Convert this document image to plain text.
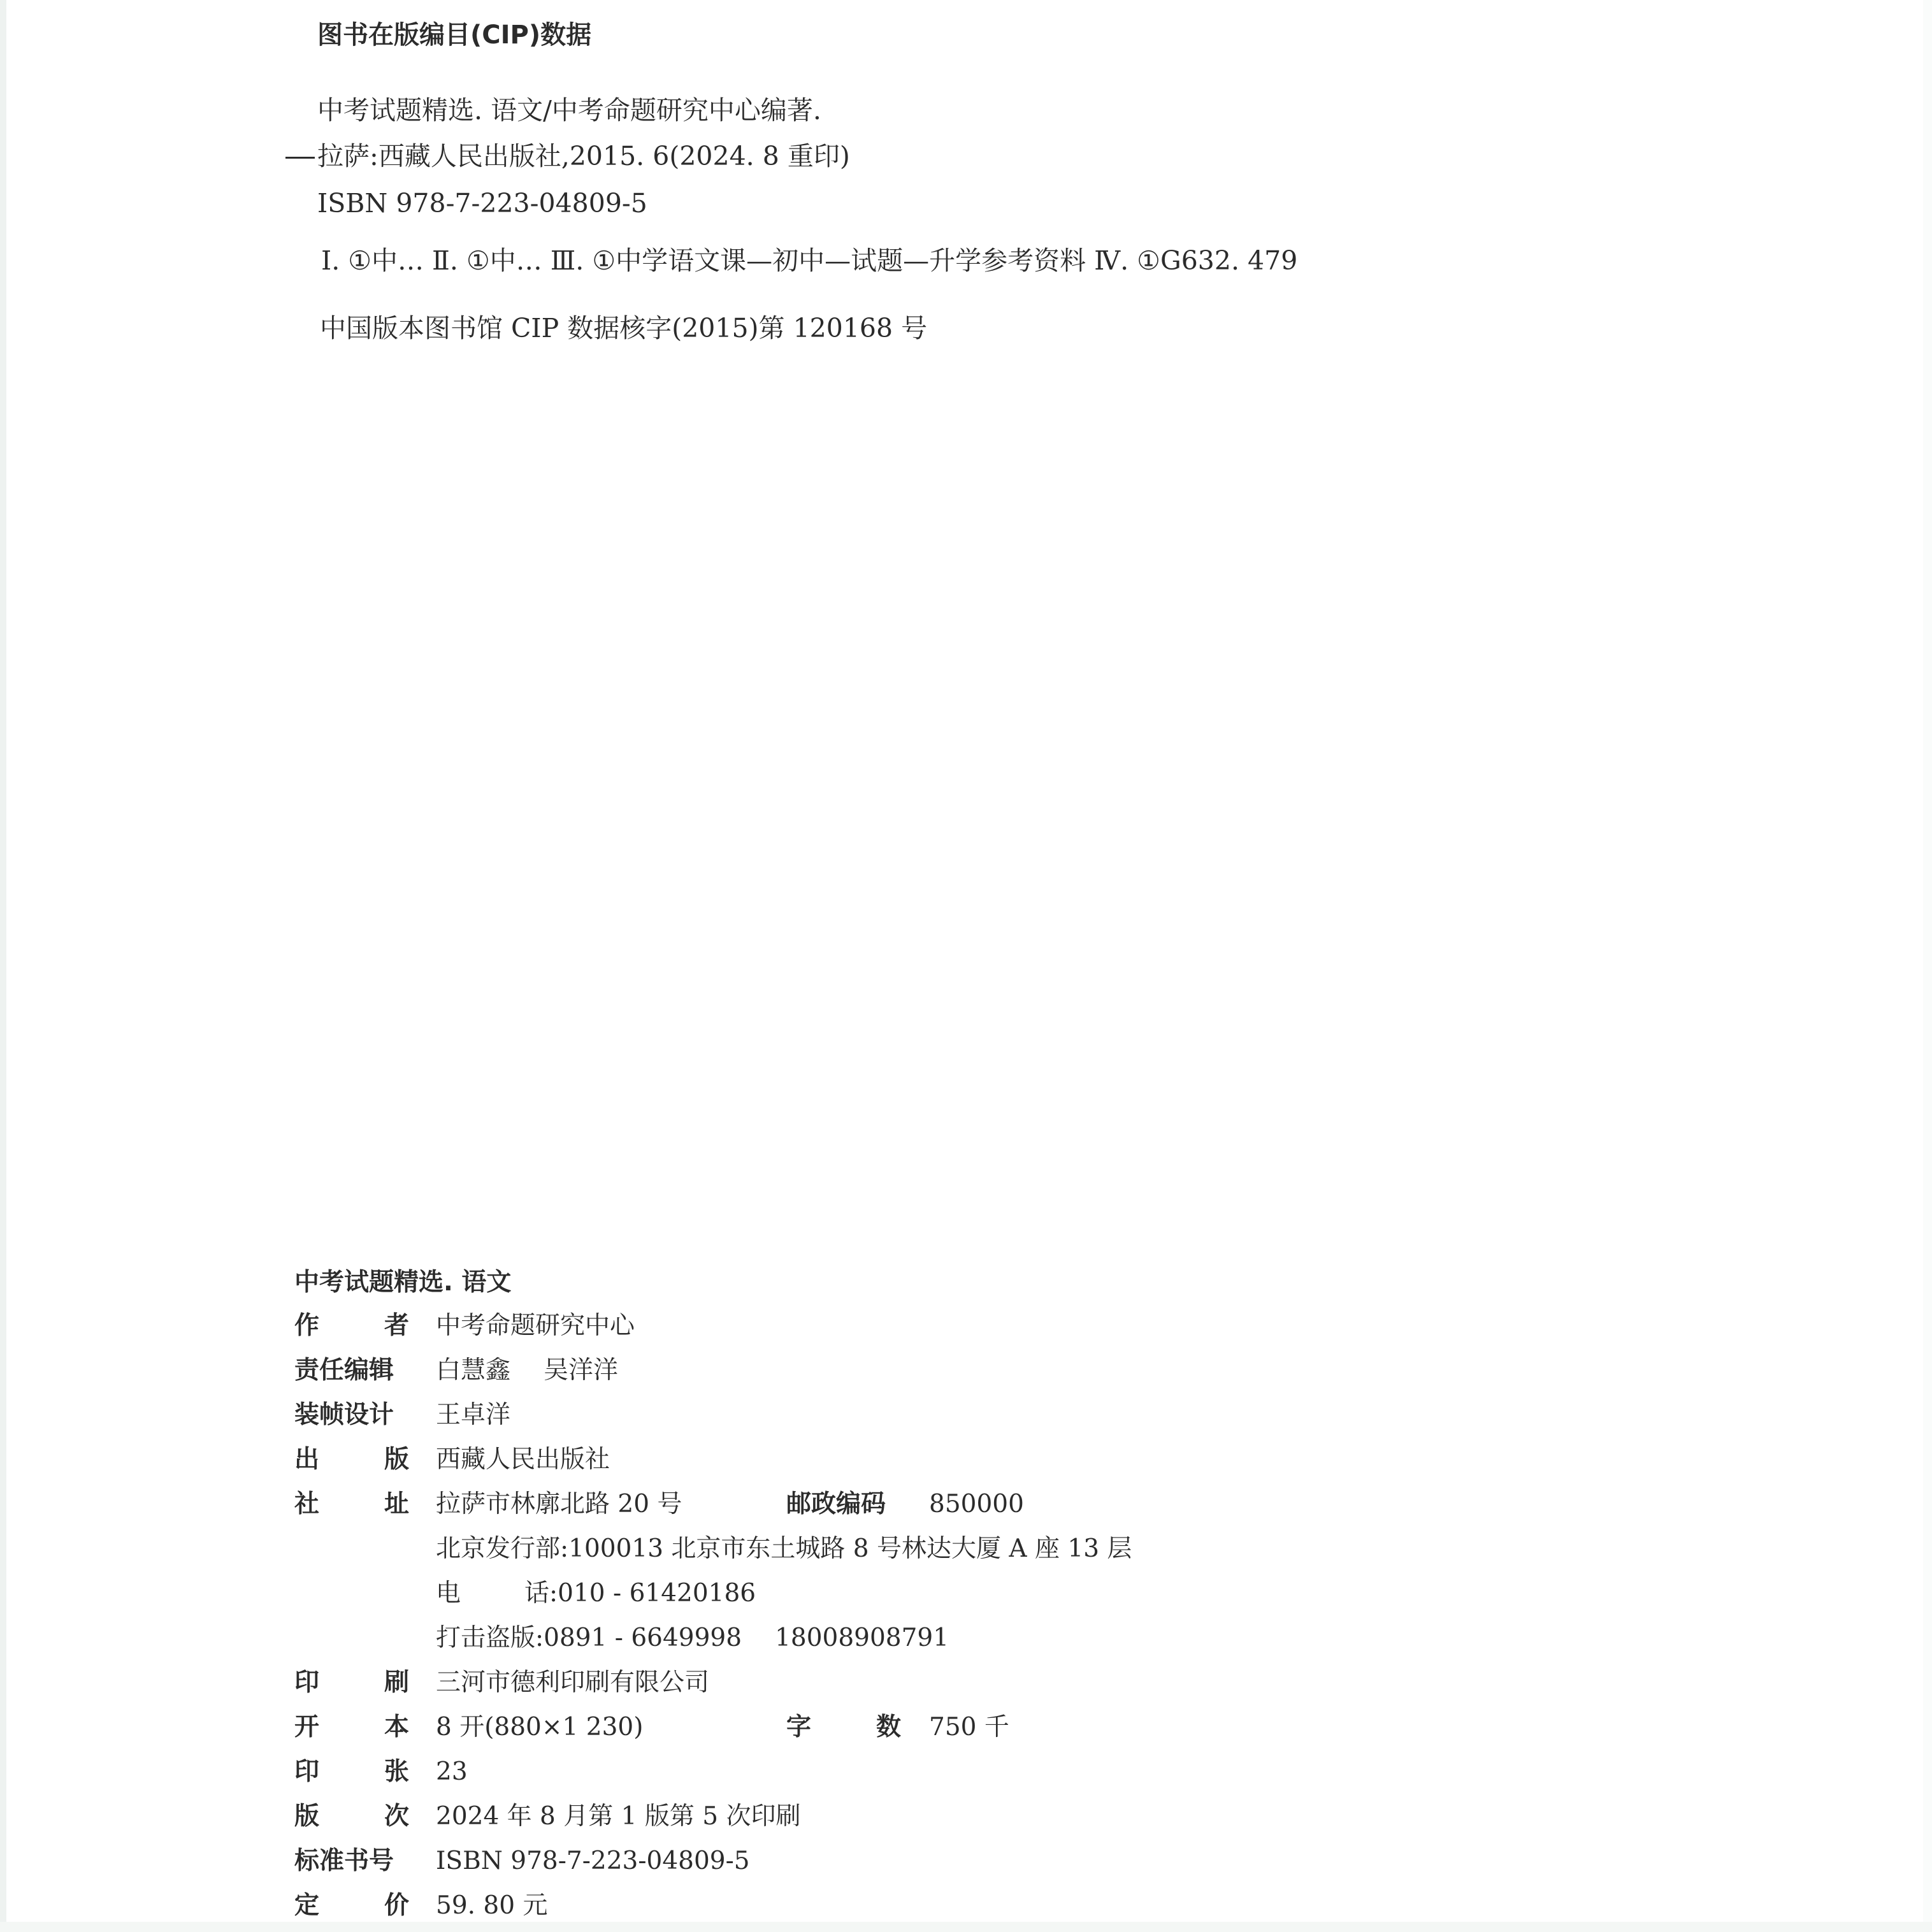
图书在版编目(CIP)数据
中考试题精选. 语文/中考命题研究中心编著.
拉萨:西藏人民出版社,2015. 6(2024. 8 重印)
ISBN 978-7-223-04809-5
Ⅰ. ①中… Ⅱ. ①中… Ⅲ. ①中学语文课—初中—试题—升学参考资料 Ⅳ. ①G632. 479
中国版本图书馆 CIP 数据核字(2015)第 120168 号
中考试题精选. 语文
作	者 中考命题研究中心
责任编辑	白慧鑫 吴洋洋
装帧设计	王卓洋
出	版 西藏人民出版社
社	址 拉萨市林廓北路 20 号	邮政编码	850000
北京发行部:100013 北京市东土城路 8 号林达大厦 A 座 13 层
电	话:010 - 61420186
打击盗版:0891 - 6649998 18008908791
印	刷 三河市德利印刷有限公司
开	本 8 开(880×1 230)	字	数 750 千
印	张 23
版	次 2024 年 8 月第 1 版第 5 次印刷
标准书号	ISBN 978-7-223-04809-5
定	价 59. 80 元
